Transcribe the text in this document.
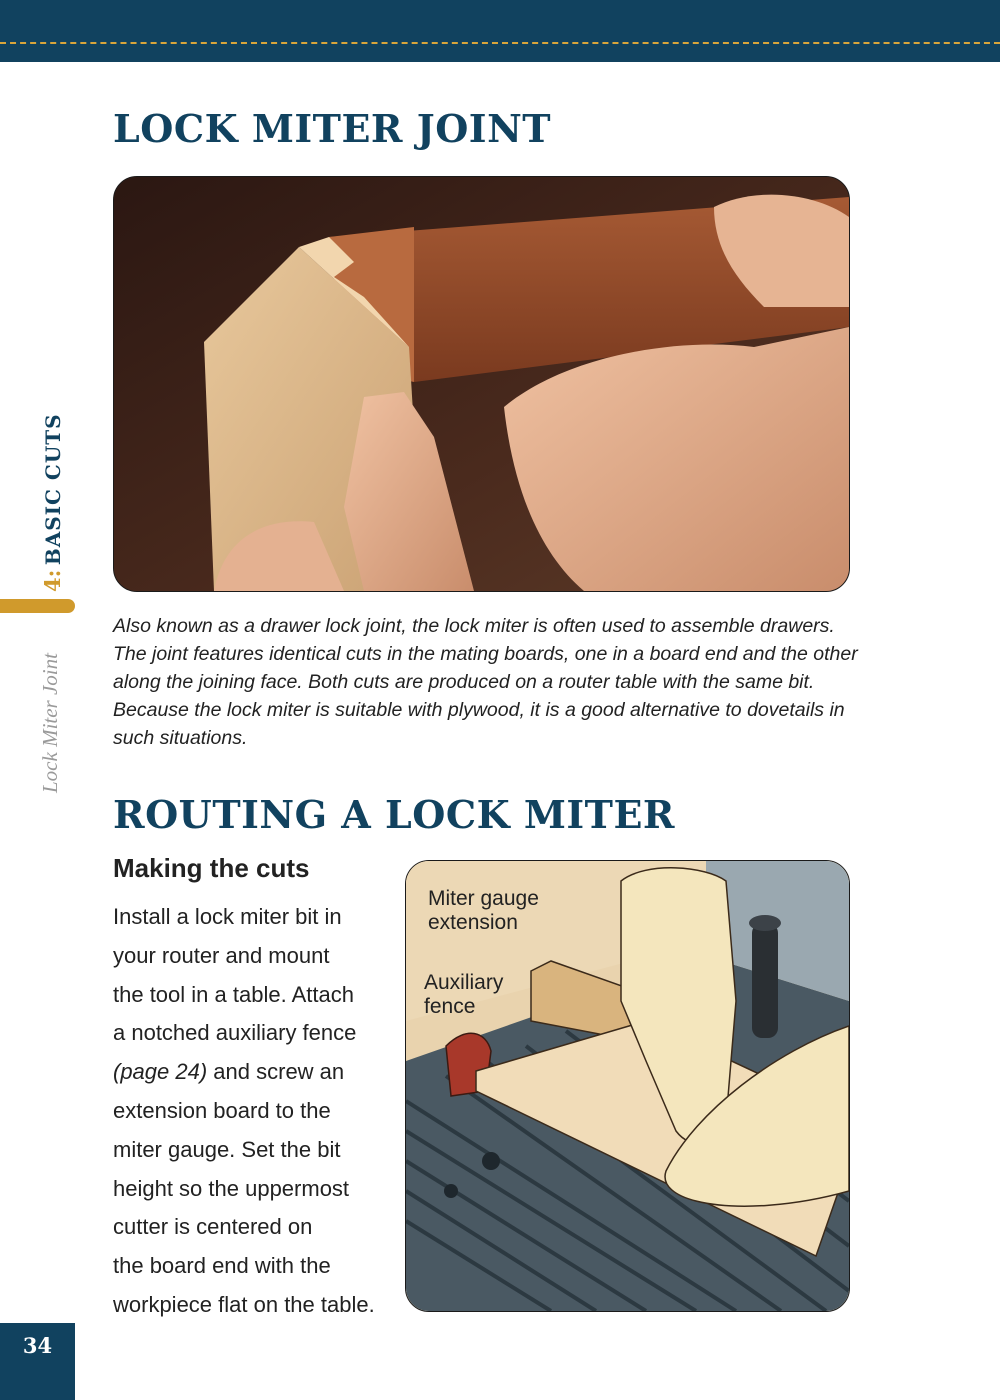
4: BASIC CUTS
Lock Miter Joint
LOCK MITER JOINT

Also known as a drawer lock joint, the lock miter is often used to assemble drawers. The joint features identical cuts in the mating boards, one in a board end and the other along the joining face. Both cuts are produced on a router table with the same bit. Because the lock miter is suitable with plywood, it is a good alternative to dovetails in such situations.

ROUTING A LOCK MITER
Making the cuts
Install a lock miter bit in
your router and mount
the tool in a table. Attach
a notched auxiliary fence
(page 24) and screw an
extension board to the
miter gauge. Set the bit
height so the uppermost
cutter is centered on
the board end with the
workpiece flat on the table.
Miter gauge
extension
Auxiliary
fence
34
